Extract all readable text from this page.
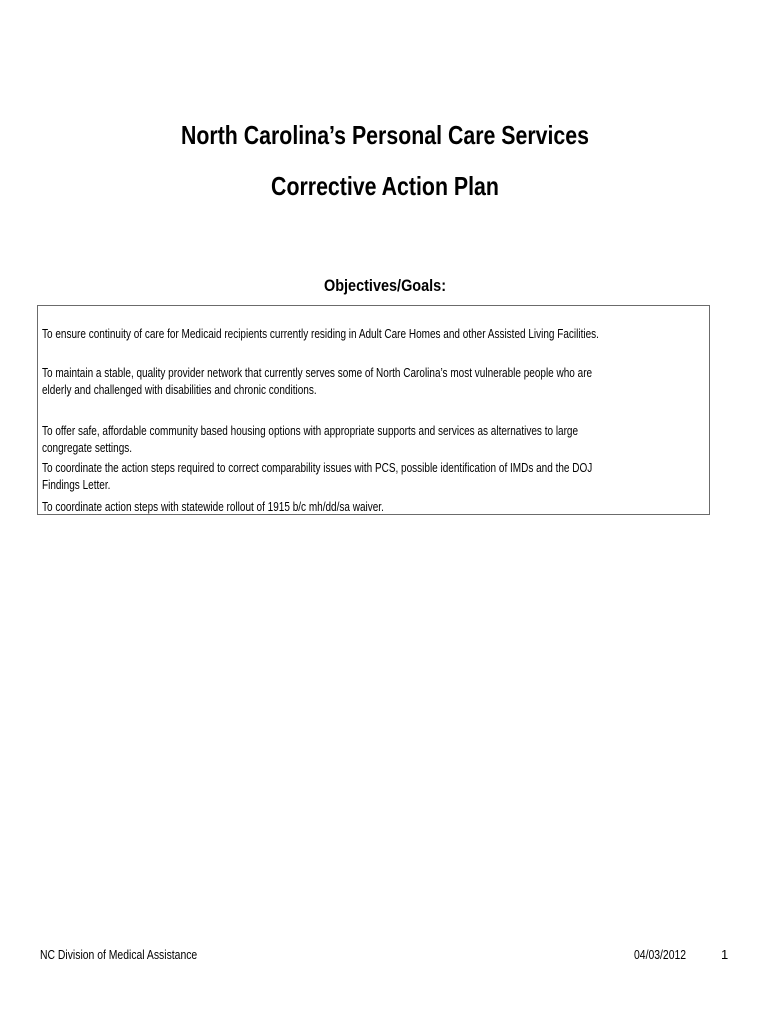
North Carolina’s Personal Care Services
Corrective Action Plan
Objectives/Goals:

To ensure continuity of care for Medicaid recipients currently residing in Adult Care Homes and other Assisted Living Facilities.

To maintain a stable, quality provider network that currently serves some of North Carolina’s most vulnerable people who are elderly and challenged with disabilities and chronic conditions.

To offer safe, affordable community based housing options with appropriate supports and services as alternatives to large congregate settings.

To coordinate the action steps required to correct comparability issues with PCS, possible identification of IMDs and the DOJ Findings Letter.

To coordinate action steps with statewide rollout of 1915 b/c mh/dd/sa waiver.

NC Division of Medical Assistance	04/03/2012	1
